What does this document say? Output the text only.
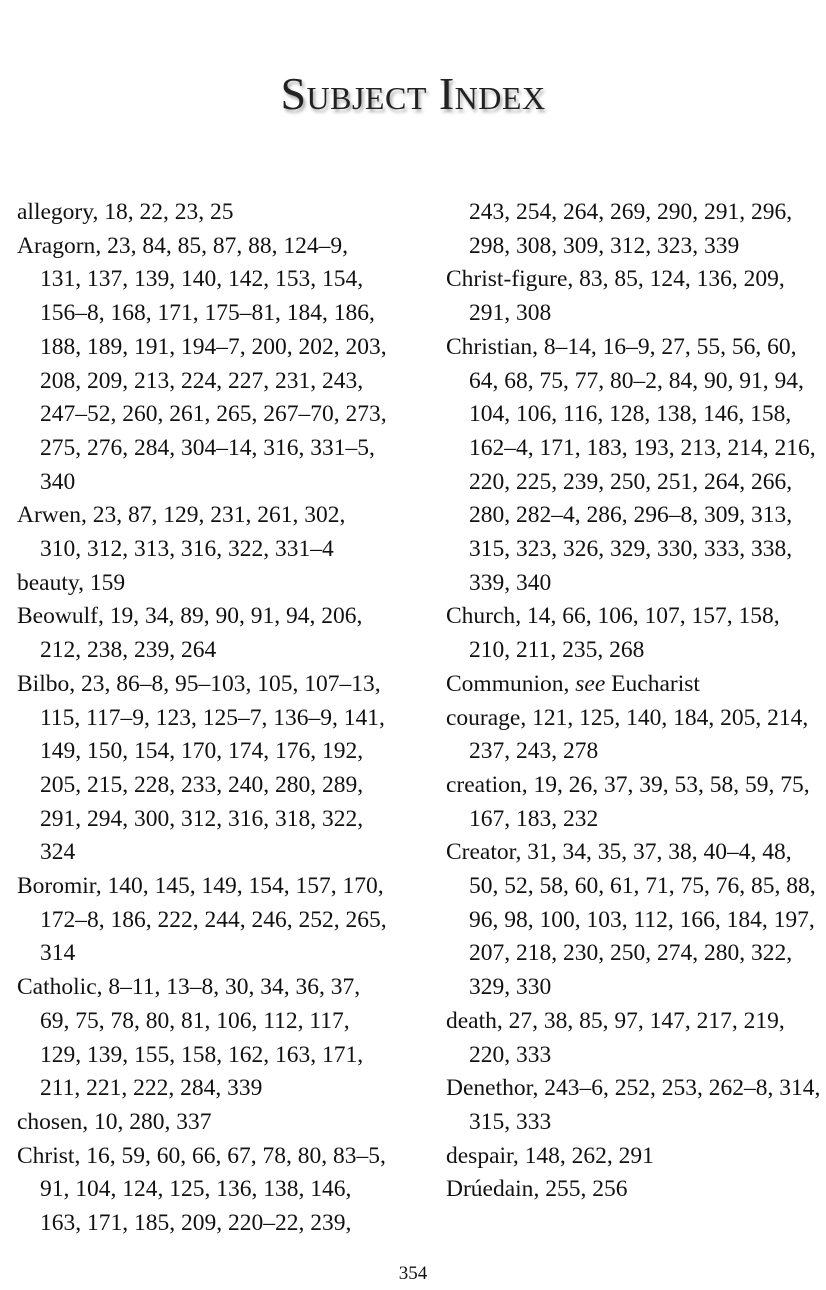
Subject Index
allegory, 18, 22, 23, 25
Aragorn, 23, 84, 85, 87, 88, 124–9, 131, 137, 139, 140, 142, 153, 154, 156–8, 168, 171, 175–81, 184, 186, 188, 189, 191, 194–7, 200, 202, 203, 208, 209, 213, 224, 227, 231, 243, 247–52, 260, 261, 265, 267–70, 273, 275, 276, 284, 304–14, 316, 331–5, 340
Arwen, 23, 87, 129, 231, 261, 302, 310, 312, 313, 316, 322, 331–4
beauty, 159
Beowulf, 19, 34, 89, 90, 91, 94, 206, 212, 238, 239, 264
Bilbo, 23, 86–8, 95–103, 105, 107–13, 115, 117–9, 123, 125–7, 136–9, 141, 149, 150, 154, 170, 174, 176, 192, 205, 215, 228, 233, 240, 280, 289, 291, 294, 300, 312, 316, 318, 322, 324
Boromir, 140, 145, 149, 154, 157, 170, 172–8, 186, 222, 244, 246, 252, 265, 314
Catholic, 8–11, 13–8, 30, 34, 36, 37, 69, 75, 78, 80, 81, 106, 112, 117, 129, 139, 155, 158, 162, 163, 171, 211, 221, 222, 284, 339
chosen, 10, 280, 337
Christ, 16, 59, 60, 66, 67, 78, 80, 83–5, 91, 104, 124, 125, 136, 138, 146, 163, 171, 185, 209, 220–22, 239,
243, 254, 264, 269, 290, 291, 296, 298, 308, 309, 312, 323, 339
Christ-figure, 83, 85, 124, 136, 209, 291, 308
Christian, 8–14, 16–9, 27, 55, 56, 60, 64, 68, 75, 77, 80–2, 84, 90, 91, 94, 104, 106, 116, 128, 138, 146, 158, 162–4, 171, 183, 193, 213, 214, 216, 220, 225, 239, 250, 251, 264, 266, 280, 282–4, 286, 296–8, 309, 313, 315, 323, 326, 329, 330, 333, 338, 339, 340
Church, 14, 66, 106, 107, 157, 158, 210, 211, 235, 268
Communion, see Eucharist
courage, 121, 125, 140, 184, 205, 214, 237, 243, 278
creation, 19, 26, 37, 39, 53, 58, 59, 75, 167, 183, 232
Creator, 31, 34, 35, 37, 38, 40–4, 48, 50, 52, 58, 60, 61, 71, 75, 76, 85, 88, 96, 98, 100, 103, 112, 166, 184, 197, 207, 218, 230, 250, 274, 280, 322, 329, 330
death, 27, 38, 85, 97, 147, 217, 219, 220, 333
Denethor, 243–6, 252, 253, 262–8, 314, 315, 333
despair, 148, 262, 291
Drúedain, 255, 256
354
